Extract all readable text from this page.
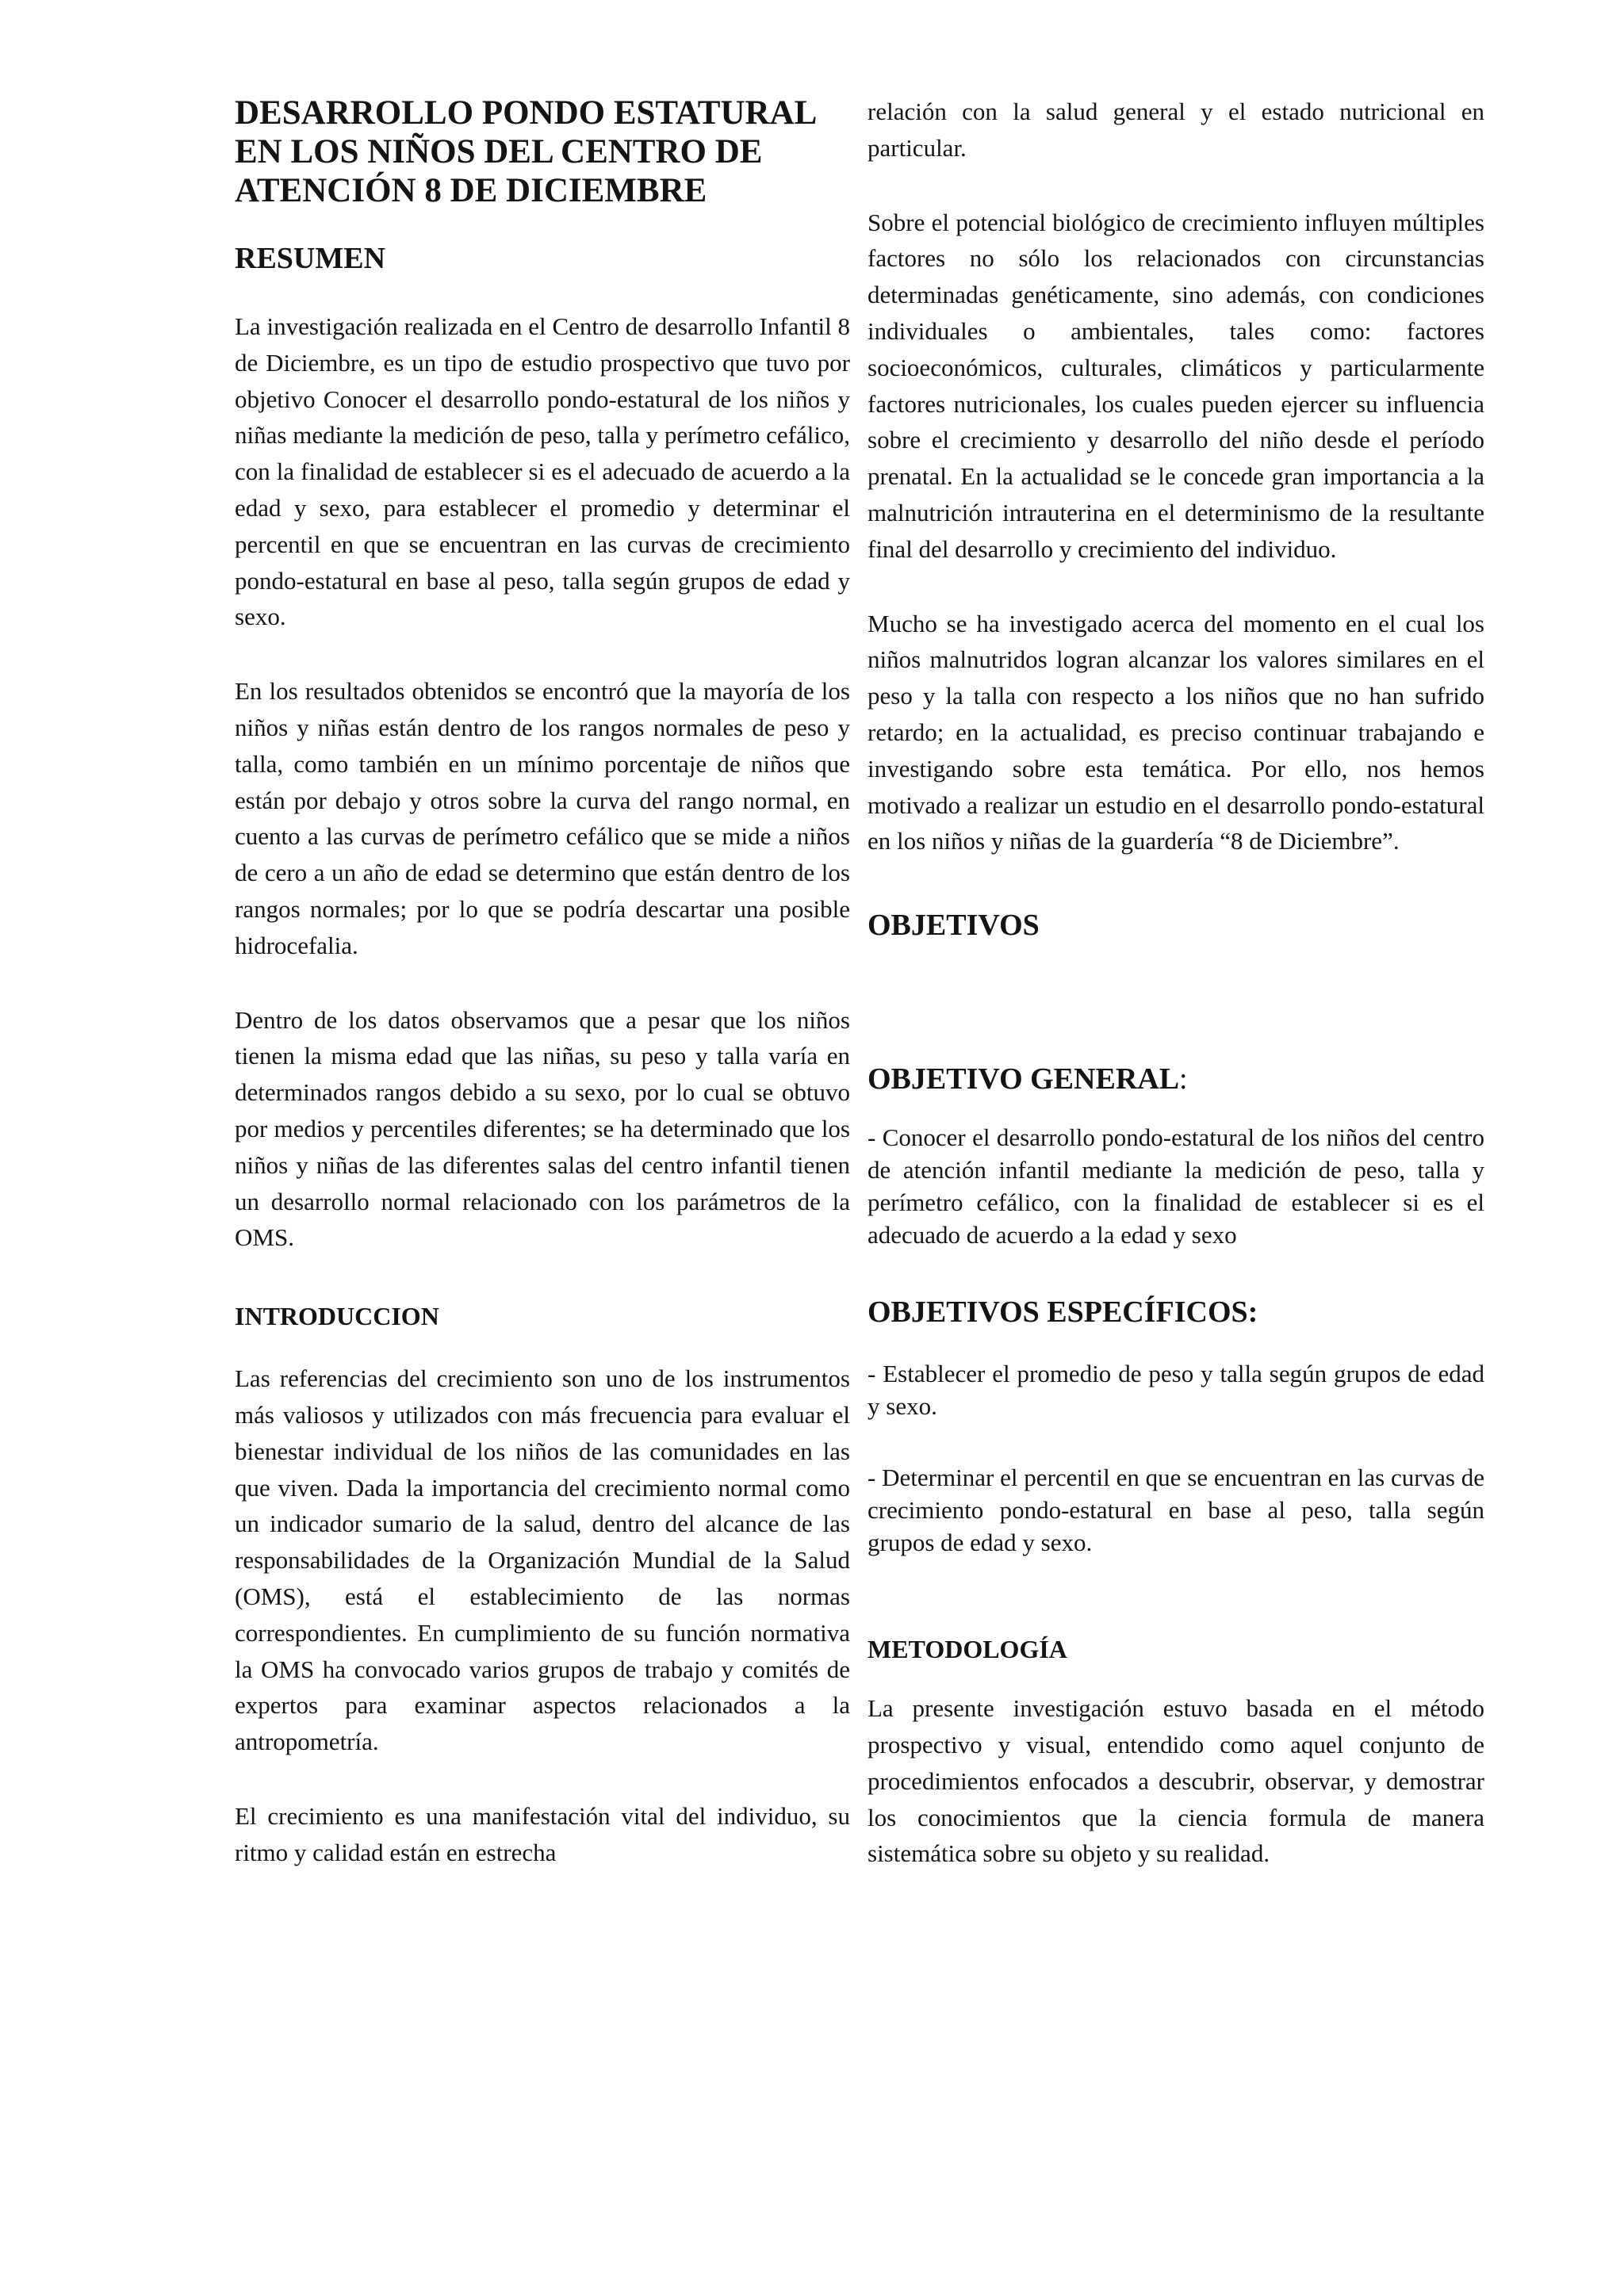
DESARROLLO PONDO ESTATURAL EN LOS NIÑOS DEL CENTRO DE ATENCIÓN 8 DE DICIEMBRE
RESUMEN

La investigación realizada en el Centro de desarrollo Infantil 8 de Diciembre, es un tipo de estudio prospectivo que tuvo por objetivo Conocer el desarrollo pondo-estatural de los niños y niñas mediante la medición de peso, talla y perímetro cefálico, con la finalidad de establecer si es el adecuado de acuerdo a la edad y sexo, para establecer el promedio y determinar el percentil en que se encuentran en las curvas de crecimiento pondo-estatural en base al peso, talla según grupos de edad y sexo.

En los resultados obtenidos se encontró que la mayoría de los niños y niñas están dentro de los rangos normales de peso y talla, como también en un mínimo porcentaje de niños que están por debajo y otros sobre la curva del rango normal, en cuento a las curvas de perímetro cefálico que se mide a niños de cero a un año de edad se determino que están dentro de los rangos normales; por lo que se podría descartar una posible hidrocefalia.

Dentro de los datos observamos que a pesar que los niños tienen la misma edad que las niñas, su peso y talla varía en determinados rangos debido a su sexo, por lo cual se obtuvo por medios y percentiles diferentes; se ha determinado que los niños y niñas de las diferentes salas del centro infantil tienen un desarrollo normal relacionado con los parámetros de la OMS.

INTRODUCCION

Las referencias del crecimiento son uno de los instrumentos más valiosos y utilizados con más frecuencia para evaluar el bienestar individual de los niños de las comunidades en las que viven. Dada la importancia del crecimiento normal como un indicador sumario de la salud, dentro del alcance de las responsabilidades de la Organización Mundial de la Salud (OMS), está el establecimiento de las normas correspondientes. En cumplimiento de su función normativa la OMS ha convocado varios grupos de trabajo y comités de expertos para examinar aspectos relacionados a la antropometría.

El crecimiento es una manifestación vital del individuo, su ritmo y calidad están en estrecha

relación con la salud general y el estado nutricional en particular.

Sobre el potencial biológico de crecimiento influyen múltiples factores no sólo los relacionados con circunstancias determinadas genéticamente, sino además, con condiciones individuales o ambientales, tales como: factores socioeconómicos, culturales, climáticos y particularmente factores nutricionales, los cuales pueden ejercer su influencia sobre el crecimiento y desarrollo del niño desde el período prenatal. En la actualidad se le concede gran importancia a la malnutrición intrauterina en el determinismo de la resultante final del desarrollo y crecimiento del individuo.

Mucho se ha investigado acerca del momento en el cual los niños malnutridos logran alcanzar los valores similares en el peso y la talla con respecto a los niños que no han sufrido retardo; en la actualidad, es preciso continuar trabajando e investigando sobre esta temática. Por ello, nos hemos motivado a realizar un estudio en el desarrollo pondo-estatural en los niños y niñas de la guardería “8 de Diciembre”.

OBJETIVOS
OBJETIVO GENERAL:

- Conocer el desarrollo pondo-estatural de los niños del centro de atención infantil mediante la medición de peso, talla y perímetro cefálico, con la finalidad de establecer si es el adecuado de acuerdo a la edad y sexo

OBJETIVOS ESPECÍFICOS:

- Establecer el promedio de peso y talla según grupos de edad y sexo.

- Determinar el percentil en que se encuentran en las curvas de crecimiento pondo-estatural en base al peso, talla según grupos de edad y sexo.

METODOLOGÍA

La presente investigación estuvo basada en el método prospectivo y visual, entendido como aquel conjunto de procedimientos enfocados a descubrir, observar, y demostrar los conocimientos que la ciencia formula de manera sistemática sobre su objeto y su realidad.
